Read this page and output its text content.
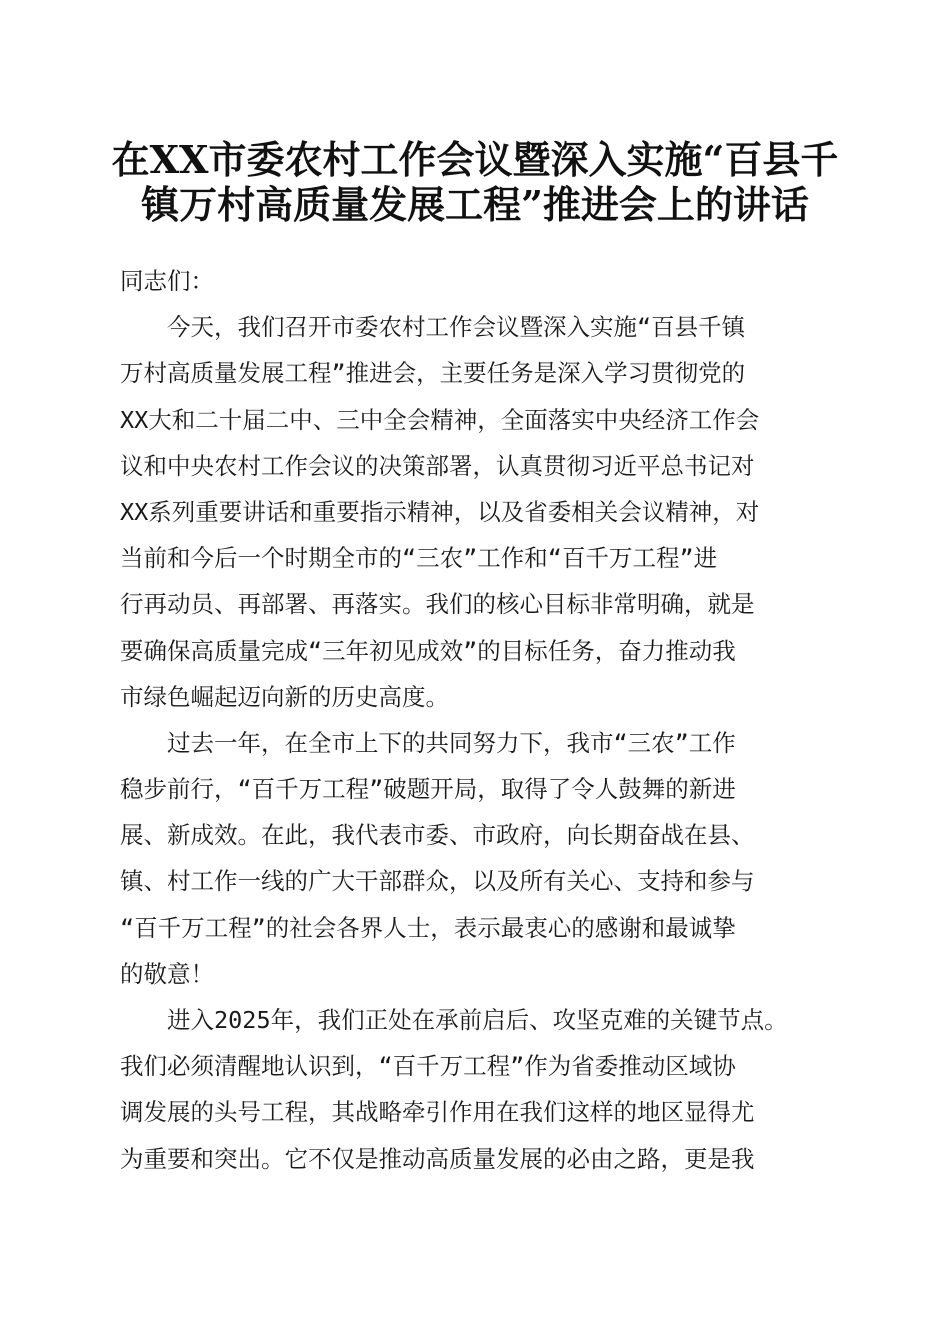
在XX市委农村工作会议暨深入实施“百县千
镇万村高质量发展工程”推进会上的讲话
同志们：
今天，我们召开市委农村工作会议暨深入实施“百县千镇
万村高质量发展工程”推进会，主要任务是深入学习贯彻党的
XX大和二十届二中、三中全会精神，全面落实中央经济工作会
议和中央农村工作会议的决策部署，认真贯彻习近平总书记对
XX系列重要讲话和重要指示精神，以及省委相关会议精神，对
当前和今后一个时期全市的“三农”工作和“百千万工程”进
行再动员、再部署、再落实。我们的核心目标非常明确，就是
要确保高质量完成“三年初见成效”的目标任务，奋力推动我
市绿色崛起迈向新的历史高度。
过去一年，在全市上下的共同努力下，我市“三农”工作
稳步前行，“百千万工程”破题开局，取得了令人鼓舞的新进
展、新成效。在此，我代表市委、市政府，向长期奋战在县、
镇、村工作一线的广大干部群众，以及所有关心、支持和参与
“百千万工程”的社会各界人士，表示最衷心的感谢和最诚挚
的敬意！
进入2025年，我们正处在承前启后、攻坚克难的关键节点。
我们必须清醒地认识到，“百千万工程”作为省委推动区域协
调发展的头号工程，其战略牵引作用在我们这样的地区显得尤
为重要和突出。它不仅是推动高质量发展的必由之路，更是我
